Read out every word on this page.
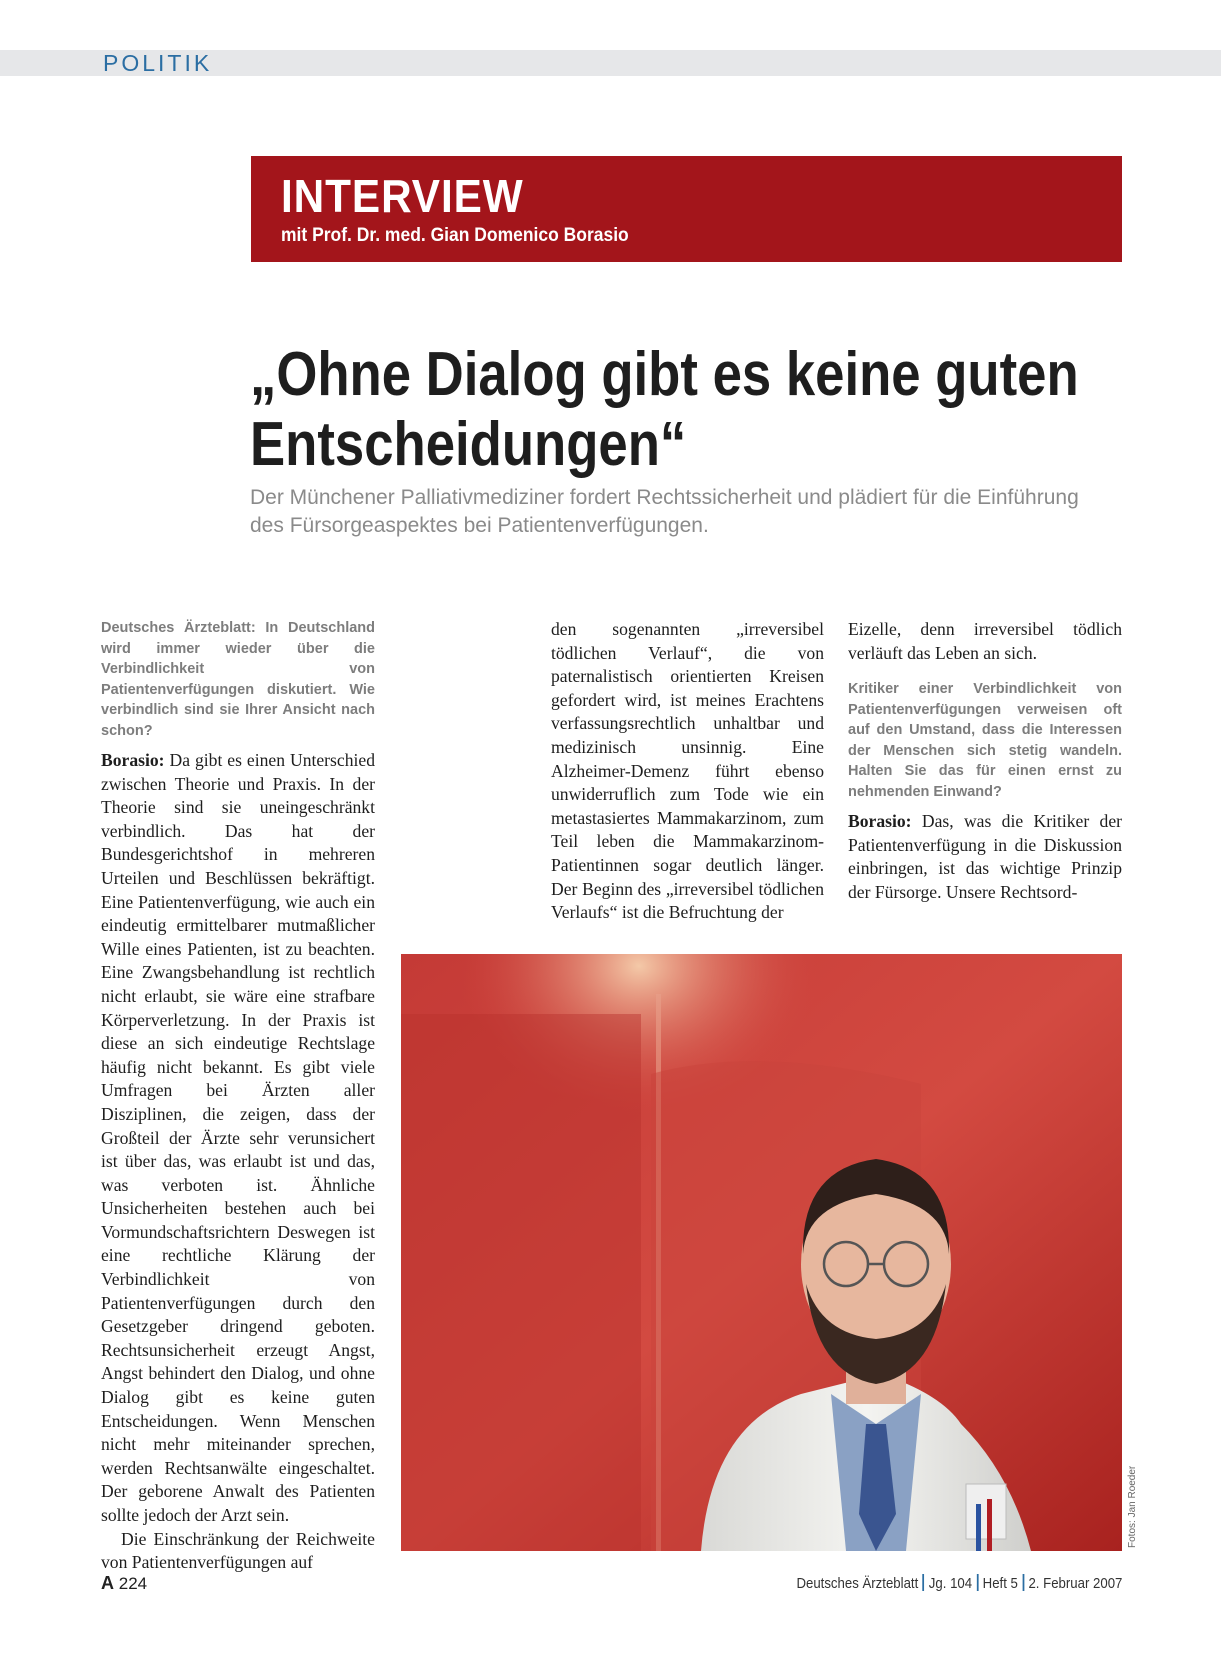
POLITIK
INTERVIEW
mit Prof. Dr. med. Gian Domenico Borasio
„Ohne Dialog gibt es keine guten
Entscheidungen“
Der Münchener Palliativmediziner fordert Rechtssicherheit und plädiert für die Einführung des Fürsorgeaspektes bei Patientenverfügungen.

Deutsches Ärzteblatt: In Deutschland wird immer wieder über die Verbindlichkeit von Patientenverfügungen diskutiert. Wie verbindlich sind sie Ihrer Ansicht nach schon?

Borasio: Da gibt es einen Unterschied zwischen Theorie und Praxis. In der Theorie sind sie uneingeschränkt verbindlich. Das hat der Bundesgerichtshof in mehreren Urteilen und Beschlüssen bekräftigt. Eine Patientenverfügung, wie auch ein eindeutig ermittelbarer mutmaßlicher Wille eines Patienten, ist zu beachten. Eine Zwangsbehandlung ist rechtlich nicht erlaubt, sie wäre eine strafbare Körperverletzung. In der Praxis ist diese an sich eindeutige Rechtslage häufig nicht bekannt. Es gibt viele Umfragen bei Ärzten aller Disziplinen, die zeigen, dass der Großteil der Ärzte sehr verunsichert ist über das, was erlaubt ist und das, was verboten ist. Ähnliche Unsicherheiten bestehen auch bei Vormundschaftsrichtern Deswegen ist eine rechtliche Klärung der Verbindlichkeit von Patientenverfügungen durch den Gesetzgeber dringend geboten. Rechtsunsicherheit erzeugt Angst, Angst behindert den Dialog, und ohne Dialog gibt es keine guten Entscheidungen. Wenn Menschen nicht mehr miteinander sprechen, werden Rechtsanwälte eingeschaltet. Der geborene Anwalt des Patienten sollte jedoch der Arzt sein.

Die Einschränkung der Reichweite von Patientenverfügungen auf

den sogenannten „irreversibel tödlichen Verlauf“, die von paternalistisch orientierten Kreisen gefordert wird, ist meines Erachtens verfassungsrechtlich unhaltbar und medizinisch unsinnig. Eine Alzheimer-Demenz führt ebenso unwiderruflich zum Tode wie ein metastasiertes Mammakarzinom, zum Teil leben die Mammakarzinom-Patientinnen sogar deutlich länger. Der Beginn des „irreversibel tödlichen Verlaufs“ ist die Befruchtung der

Eizelle, denn irreversibel tödlich verläuft das Leben an sich.

Kritiker einer Verbindlichkeit von Patientenverfügungen verweisen oft auf den Umstand, dass die Interessen der Menschen sich stetig wandeln. Halten Sie das für einen ernst zu nehmenden Einwand?

Borasio: Das, was die Kritiker der Patientenverfügung in die Diskussion einbringen, ist das wichtige Prinzip der Fürsorge. Unsere Rechtsord-

Fotos: Jan Roeder
A 224	Deutsches Ärzteblatt Jg. 104 Heft 5 2. Februar 2007
